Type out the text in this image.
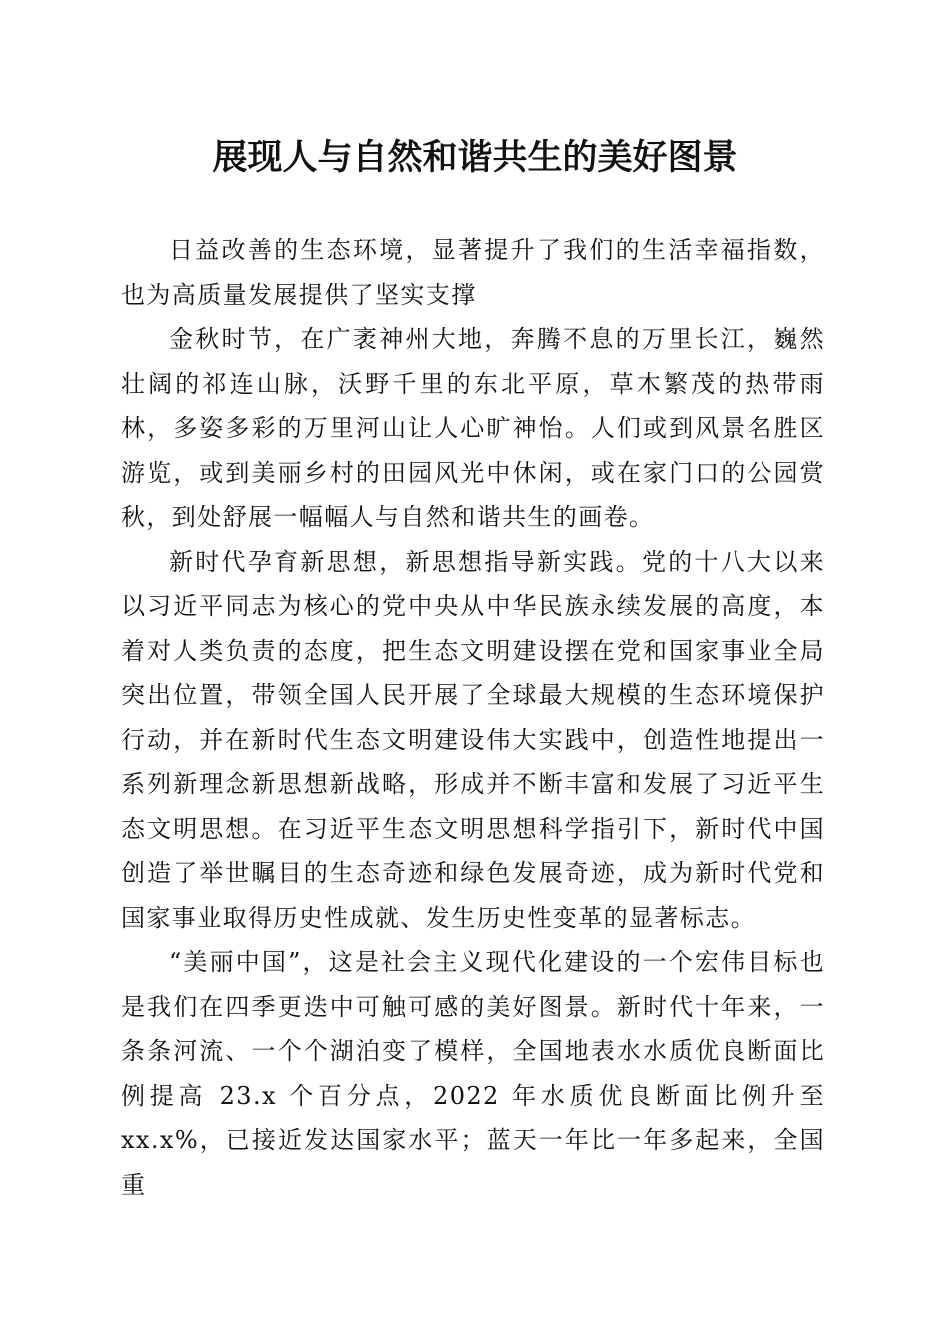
展现人与自然和谐共生的美好图景

日益改善的生态环境，显著提升了我们的生活幸福指数，也为高质量发展提供了坚实支撑

金秋时节，在广袤神州大地，奔腾不息的万里长江，巍然壮阔的祁连山脉，沃野千里的东北平原，草木繁茂的热带雨林，多姿多彩的万里河山让人心旷神怡。人们或到风景名胜区游览，或到美丽乡村的田园风光中休闲，或在家门口的公园赏秋，到处舒展一幅幅人与自然和谐共生的画卷。

新时代孕育新思想，新思想指导新实践。党的十八大以来以习近平同志为核心的党中央从中华民族永续发展的高度，本着对人类负责的态度，把生态文明建设摆在党和国家事业全局突出位置，带领全国人民开展了全球最大规模的生态环境保护行动，并在新时代生态文明建设伟大实践中，创造性地提出一系列新理念新思想新战略，形成并不断丰富和发展了习近平生态文明思想。在习近平生态文明思想科学指引下，新时代中国创造了举世瞩目的生态奇迹和绿色发展奇迹，成为新时代党和国家事业取得历史性成就、发生历史性变革的显著标志。

“美丽中国”，这是社会主义现代化建设的一个宏伟目标也是我们在四季更迭中可触可感的美好图景。新时代十年来，一条条河流、一个个湖泊变了模样，全国地表水水质优良断面比例提高 23.x 个百分点，2022 年水质优良断面比例升至 xx.x%，已接近发达国家水平；蓝天一年比一年多起来，全国重
